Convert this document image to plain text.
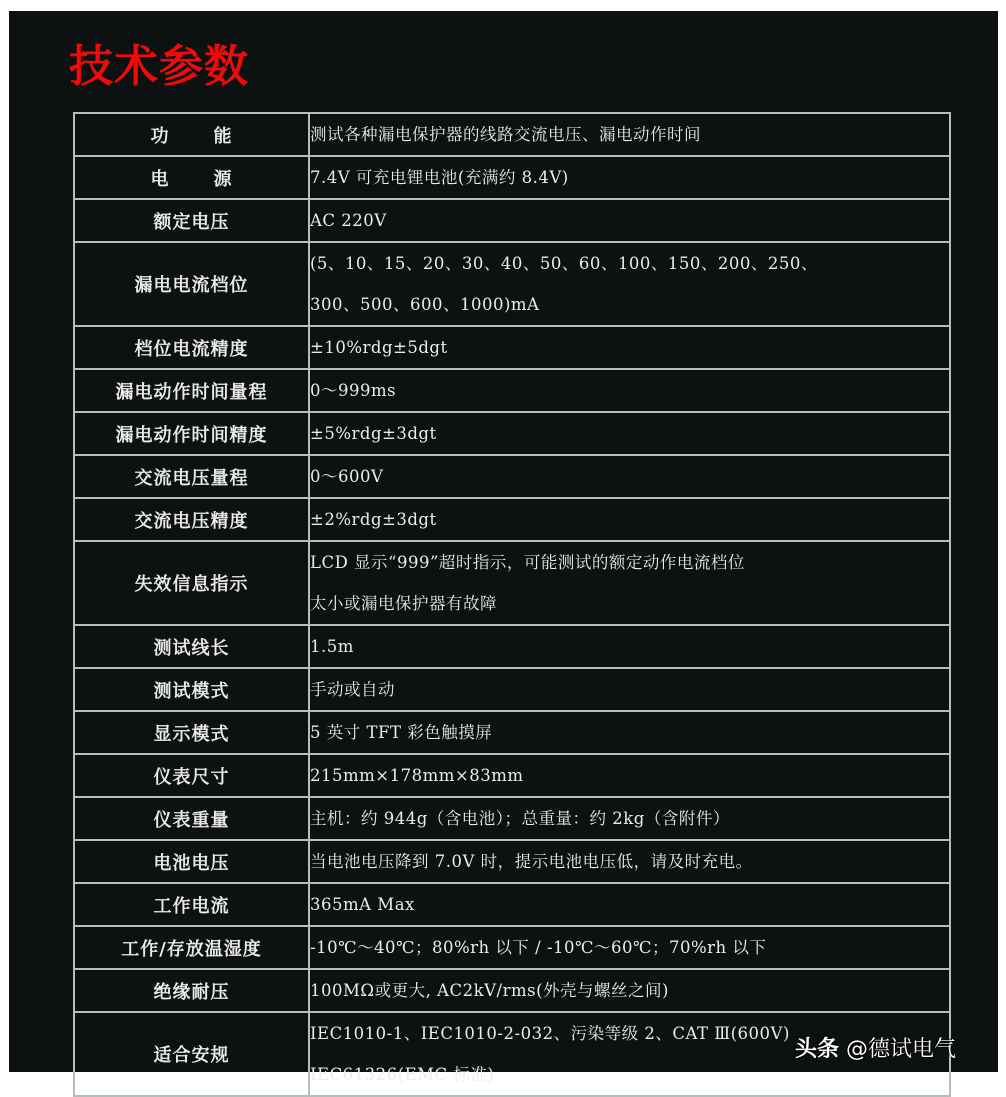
技术参数
功 能	测试各种漏电保护器的线路交流电压、漏电动作时间

电 源	7.4V 可充电锂电池(充满约 8.4V)

额定电压	AC 220V

漏电电流档位	(5、10、15、20、30、40、50、60、100、150、200、250、
300、500、600、1000)mA

档位电流精度	±10%rdg±5dgt

漏电动作时间量程	0～999ms

漏电动作时间精度	±5%rdg±3dgt

交流电压量程	0～600V

交流电压精度	±2%rdg±3dgt

失效信息指示	LCD 显示“999”超时指示，可能测试的额定动作电流档位
太小或漏电保护器有故障

测试线长	1.5m

测试模式	手动或自动

显示模式	5 英寸 TFT 彩色触摸屏

仪表尺寸	215mm×178mm×83mm

仪表重量	主机：约 944g（含电池）；总重量：约 2kg（含附件）

电池电压	当电池电压降到 7.0V 时，提示电池电压低，请及时充电。

工作电流	365mA Max

工作/存放温湿度	-10℃～40℃；80%rh 以下 / -10℃～60℃；70%rh 以下

绝缘耐压	100MΩ或更大, AC2kV/rms(外壳与螺丝之间)

适合安规	IEC1010-1、IEC1010-2-032、污染等级 2、CAT Ⅲ(600V)
IEC61326(EMC 标准)
头条 @德试电气
